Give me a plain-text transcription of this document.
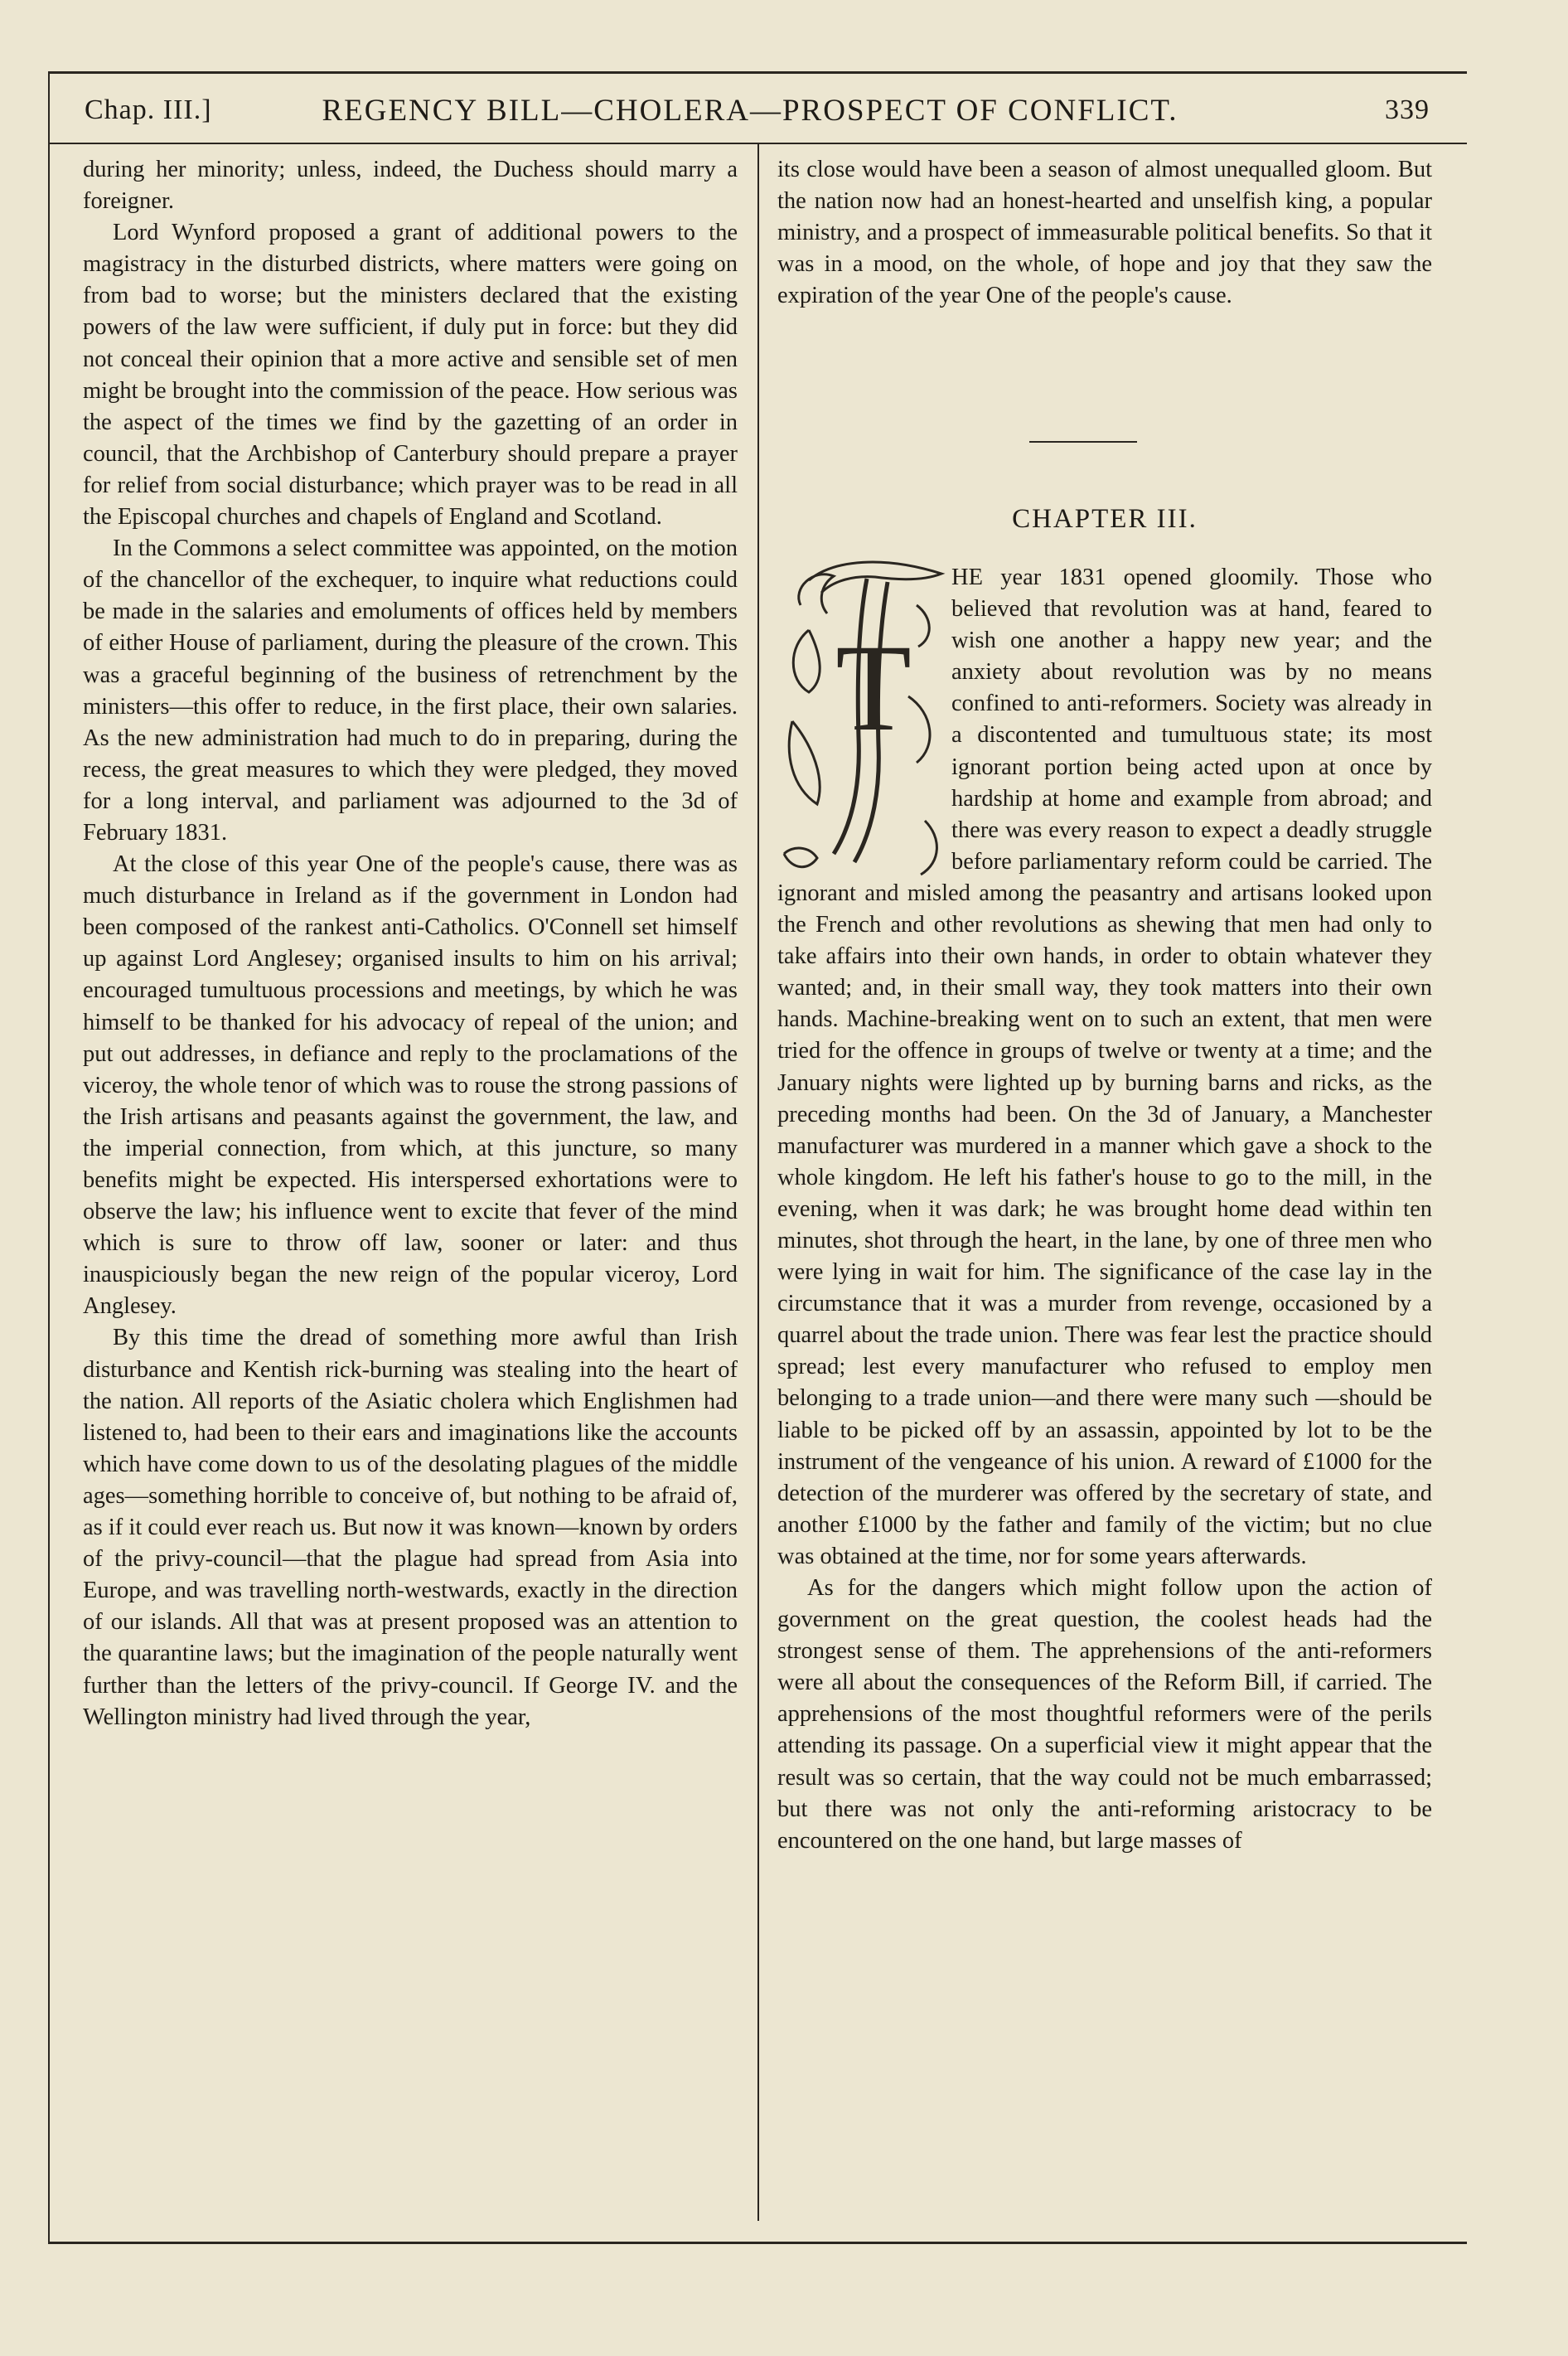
Chap. III.]	REGENCY BILL—CHOLERA—PROSPECT OF CONFLICT.	339

during her minority; unless, indeed, the Duchess should marry a foreigner.

Lord Wynford proposed a grant of additional powers to the magistracy in the disturbed districts, where matters were going on from bad to worse; but the ministers declared that the existing powers of the law were sufficient, if duly put in force: but they did not conceal their opinion that a more active and sensible set of men might be brought into the commission of the peace. How serious was the aspect of the times we find by the gazetting of an order in council, that the Archbishop of Canterbury should prepare a prayer for relief from social disturbance; which prayer was to be read in all the Episcopal churches and chapels of England and Scotland.

In the Commons a select committee was appointed, on the motion of the chancellor of the exchequer, to inquire what reductions could be made in the salaries and emoluments of offices held by members of either House of parliament, during the pleasure of the crown. This was a graceful beginning of the business of retrenchment by the ministers—this offer to reduce, in the first place, their own salaries. As the new administration had much to do in preparing, during the recess, the great measures to which they were pledged, they moved for a long interval, and parliament was adjourned to the 3d of February 1831.

At the close of this year One of the people's cause, there was as much disturbance in Ireland as if the government in London had been composed of the rankest anti-Catholics. O'Connell set himself up against Lord Anglesey; organised insults to him on his arrival; encouraged tumultuous processions and meetings, by which he was himself to be thanked for his advocacy of repeal of the union; and put out addresses, in defiance and reply to the proclamations of the viceroy, the whole tenor of which was to rouse the strong passions of the Irish artisans and peasants against the government, the law, and the imperial connection, from which, at this juncture, so many benefits might be expected. His interspersed exhortations were to observe the law; his influence went to excite that fever of the mind which is sure to throw off law, sooner or later: and thus inauspiciously began the new reign of the popular viceroy, Lord Anglesey.

By this time the dread of something more awful than Irish disturbance and Kentish rick-burning was stealing into the heart of the nation. All reports of the Asiatic cholera which Englishmen had listened to, had been to their ears and imaginations like the accounts which have come down to us of the desolating plagues of the middle ages—something horrible to conceive of, but nothing to be afraid of, as if it could ever reach us. But now it was known—known by orders of the privy-council—that the plague had spread from Asia into Europe, and was travelling north-westwards, exactly in the direction of our islands. All that was at present proposed was an attention to the quarantine laws; but the imagination of the people naturally went further than the letters of the privy-council. If George IV. and the Wellington ministry had lived through the year,

its close would have been a season of almost unequalled gloom. But the nation now had an honest-hearted and unselfish king, a popular ministry, and a prospect of immeasurable political benefits. So that it was in a mood, on the whole, of hope and joy that they saw the expiration of the year One of the people's cause.

CHAPTER III.
T

HE year 1831 opened gloomily. Those who believed that revolution was at hand, feared to wish one another a happy new year; and the anxiety about revolution was by no means confined to anti-reformers. Society was already in a discontented and tumultuous state; its most ignorant portion being acted upon at once by hardship at home and example from abroad; and there was every reason to expect a deadly struggle before parliamentary reform could be carried. The ignorant and misled among the peasantry and artisans looked upon the French and other revolutions as shewing that men had only to take affairs into their own hands, in order to obtain whatever they wanted; and, in their small way, they took matters into their own hands. Machine-breaking went on to such an extent, that men were tried for the offence in groups of twelve or twenty at a time; and the January nights were lighted up by burning barns and ricks, as the preceding months had been. On the 3d of January, a Manchester manufacturer was murdered in a manner which gave a shock to the whole kingdom. He left his father's house to go to the mill, in the evening, when it was dark; he was brought home dead within ten minutes, shot through the heart, in the lane, by one of three men who were lying in wait for him. The significance of the case lay in the circumstance that it was a murder from revenge, occasioned by a quarrel about the trade union. There was fear lest the practice should spread; lest every manufacturer who refused to employ men belonging to a trade union—and there were many such —should be liable to be picked off by an assassin, appointed by lot to be the instrument of the vengeance of his union. A reward of £1000 for the detection of the murderer was offered by the secretary of state, and another £1000 by the father and family of the victim; but no clue was obtained at the time, nor for some years afterwards.

As for the dangers which might follow upon the action of government on the great question, the coolest heads had the strongest sense of them. The apprehensions of the anti-reformers were all about the consequences of the Reform Bill, if carried. The apprehensions of the most thoughtful reformers were of the perils attending its passage. On a superficial view it might appear that the result was so certain, that the way could not be much embarrassed; but there was not only the anti-reforming aristocracy to be encountered on the one hand, but large masses of
